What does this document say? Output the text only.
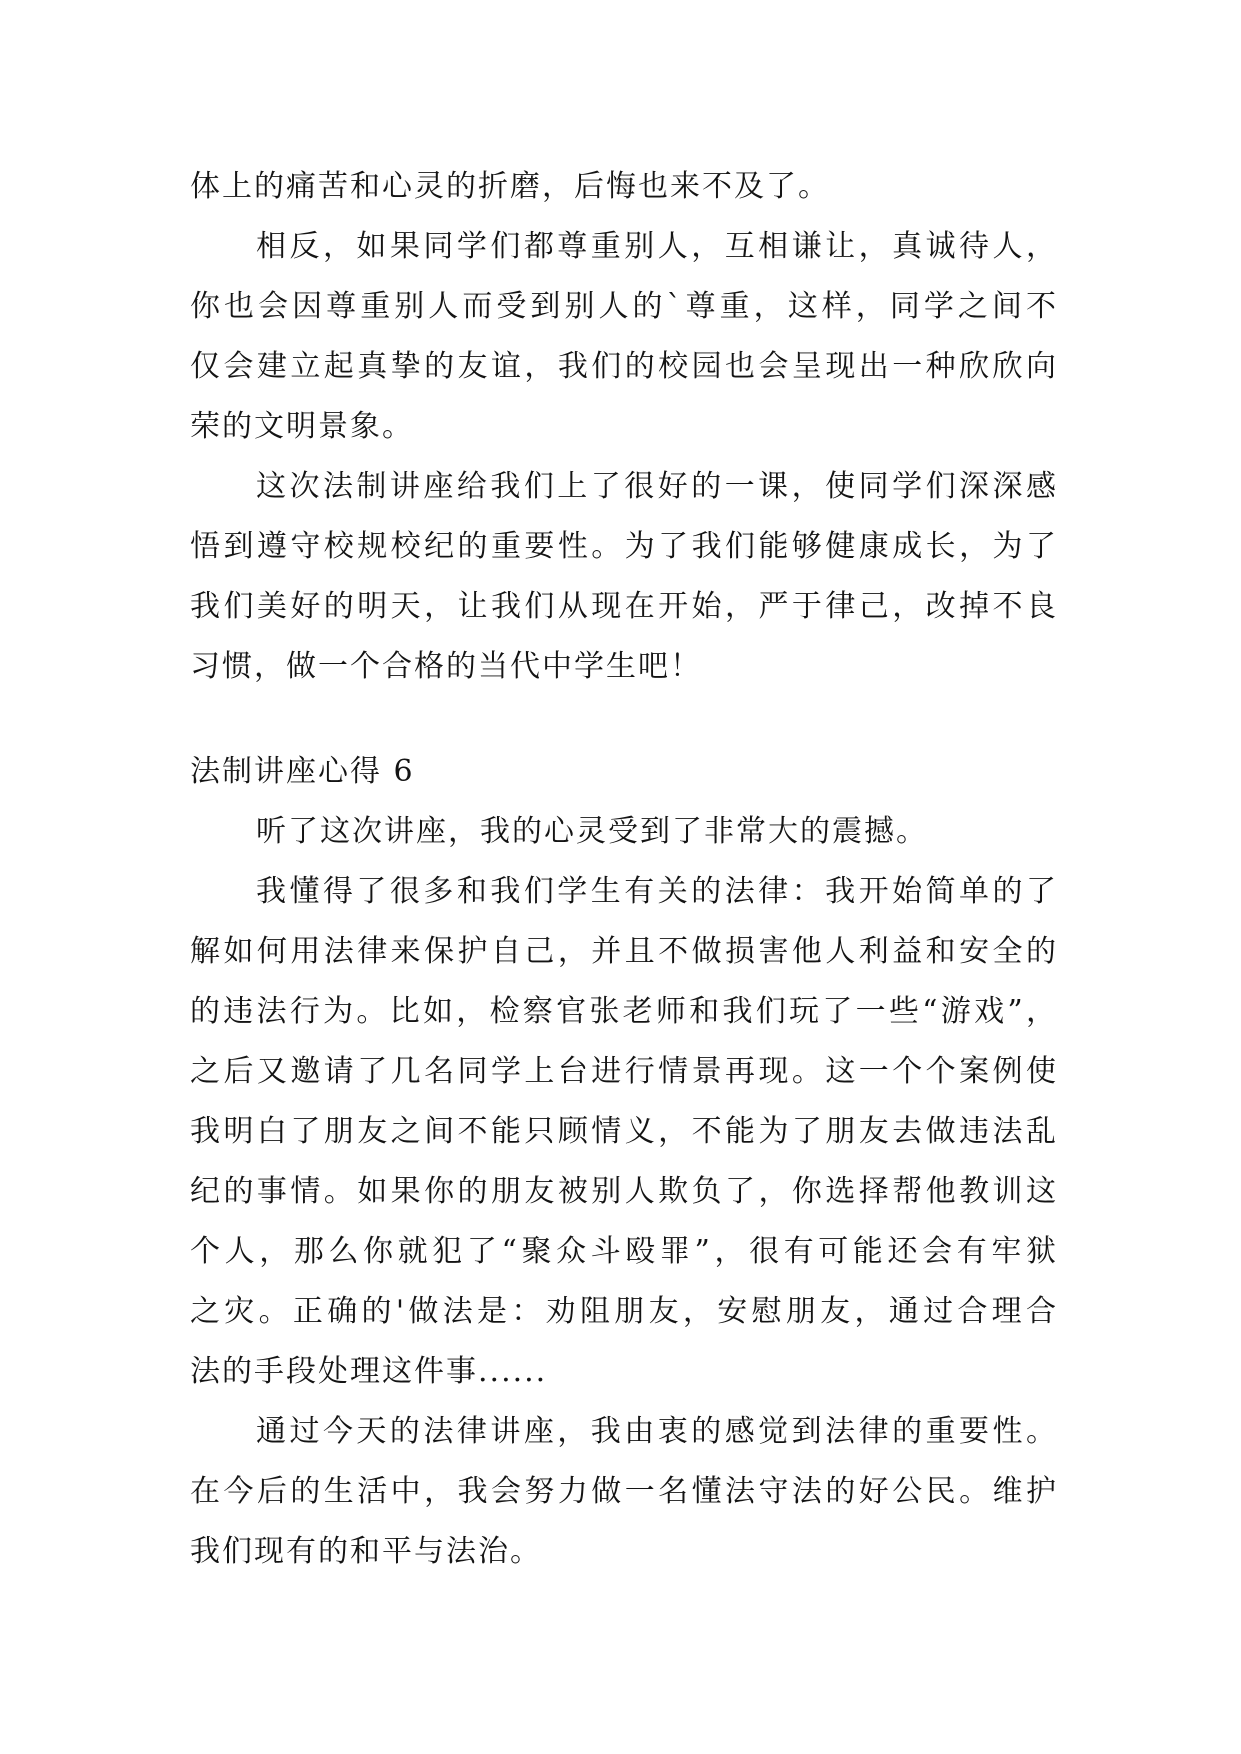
体上的痛苦和心灵的折磨，后悔也来不及了。
相反，如果同学们都尊重别人，互相谦让，真诚待人，
你也会因尊重别人而受到别人的`尊重，这样，同学之间不
仅会建立起真挚的友谊，我们的校园也会呈现出一种欣欣向
荣的文明景象。
这次法制讲座给我们上了很好的一课，使同学们深深感
悟到遵守校规校纪的重要性。为了我们能够健康成长，为了
我们美好的明天，让我们从现在开始，严于律己，改掉不良
习惯，做一个合格的当代中学生吧！
法制讲座心得 6
听了这次讲座，我的心灵受到了非常大的震撼。
我懂得了很多和我们学生有关的法律：我开始简单的了
解如何用法律来保护自己，并且不做损害他人利益和安全的
的违法行为。比如，检察官张老师和我们玩了一些“游戏”，
之后又邀请了几名同学上台进行情景再现。这一个个案例使
我明白了朋友之间不能只顾情义，不能为了朋友去做违法乱
纪的事情。如果你的朋友被别人欺负了，你选择帮他教训这
个人，那么你就犯了“聚众斗殴罪”，很有可能还会有牢狱
之灾。正确的'做法是：劝阻朋友，安慰朋友，通过合理合
法的手段处理这件事......
通过今天的法律讲座，我由衷的感觉到法律的重要性。
在今后的生活中，我会努力做一名懂法守法的好公民。维护
我们现有的和平与法治。
